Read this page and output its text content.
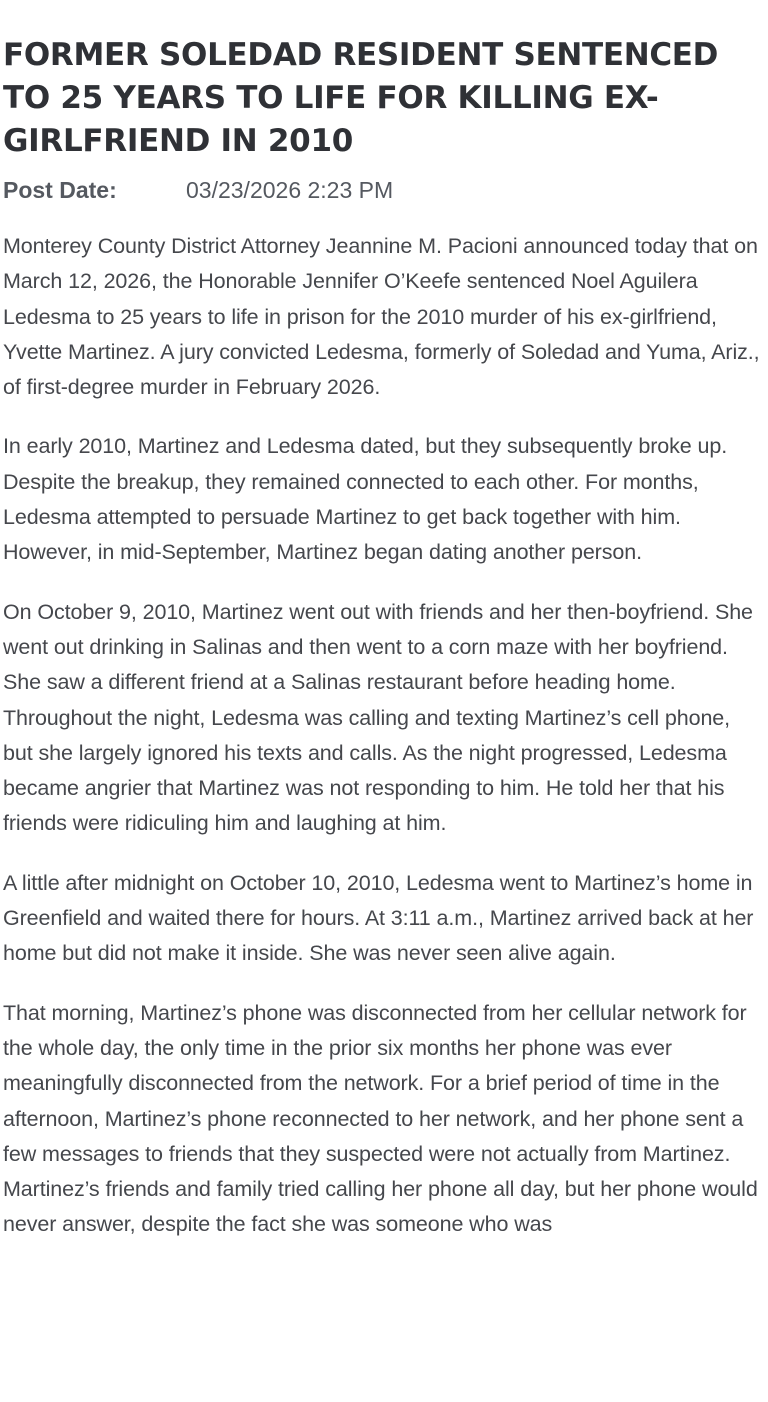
FORMER SOLEDAD RESIDENT SENTENCED TO 25 YEARS TO LIFE FOR KILLING EX-GIRLFRIEND IN 2010
Post Date:	03/23/2026 2:23 PM

Monterey County District Attorney Jeannine M. Pacioni announced today that on March 12, 2026, the Honorable Jennifer O’Keefe sentenced Noel Aguilera Ledesma to 25 years to life in prison for the 2010 murder of his ex-girlfriend, Yvette Martinez. A jury convicted Ledesma, formerly of Soledad and Yuma, Ariz., of first-degree murder in February 2026.

In early 2010, Martinez and Ledesma dated, but they subsequently broke up. Despite the breakup, they remained connected to each other. For months, Ledesma attempted to persuade Martinez to get back together with him. However, in mid-September, Martinez began dating another person.

On October 9, 2010, Martinez went out with friends and her then-boyfriend. She went out drinking in Salinas and then went to a corn maze with her boyfriend. She saw a different friend at a Salinas restaurant before heading home. Throughout the night, Ledesma was calling and texting Martinez’s cell phone, but she largely ignored his texts and calls. As the night progressed, Ledesma became angrier that Martinez was not responding to him. He told her that his friends were ridiculing him and laughing at him.

A little after midnight on October 10, 2010, Ledesma went to Martinez’s home in Greenfield and waited there for hours. At 3:11 a.m., Martinez arrived back at her home but did not make it inside. She was never seen alive again.

That morning, Martinez’s phone was disconnected from her cellular network for the whole day, the only time in the prior six months her phone was ever meaningfully disconnected from the network. For a brief period of time in the afternoon, Martinez’s phone reconnected to her network, and her phone sent a few messages to friends that they suspected were not actually from Martinez. Martinez’s friends and family tried calling her phone all day, but her phone would never answer, despite the fact she was someone who was
